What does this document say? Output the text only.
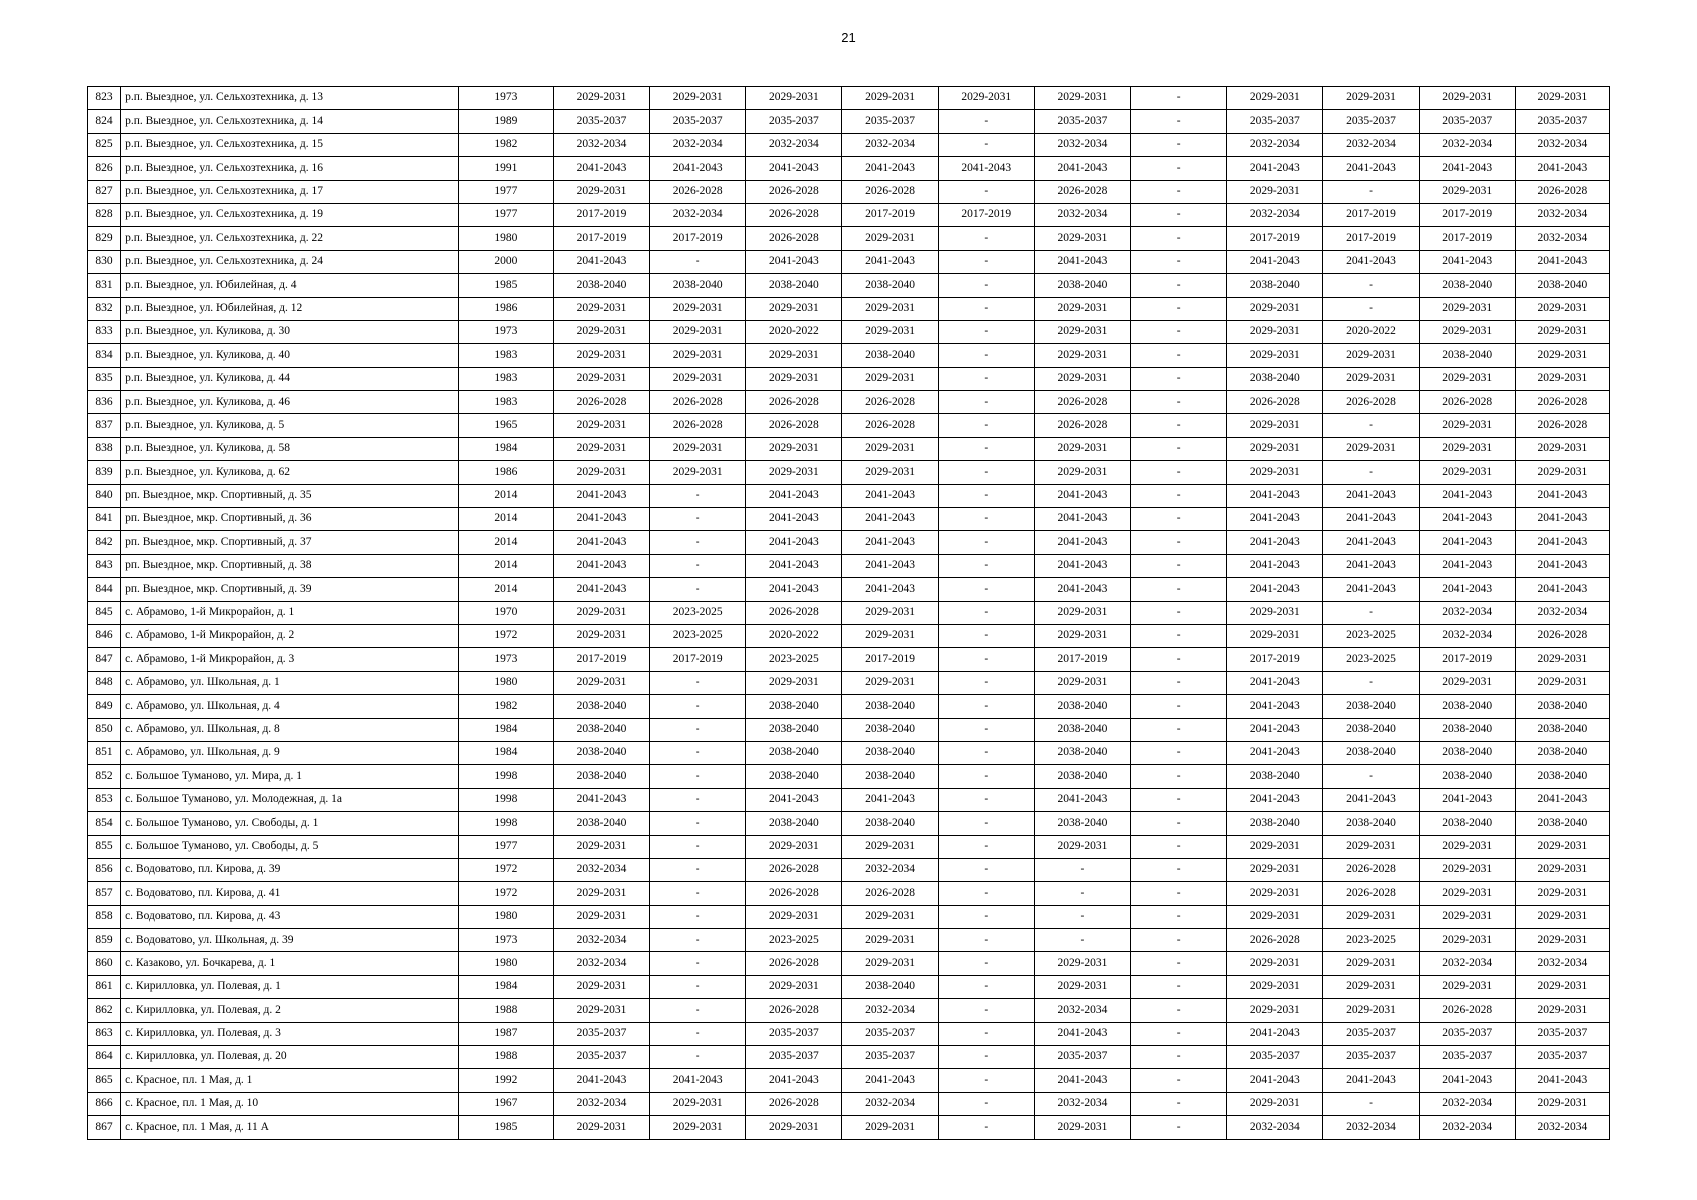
21
823	р.п. Выездное, ул. Сельхозтехника, д. 13	1973	2029-2031	2029-2031	2029-2031	2029-2031	2029-2031	2029-2031	-	2029-2031	2029-2031	2029-2031	2029-2031
824	р.п. Выездное, ул. Сельхозтехника, д. 14	1989	2035-2037	2035-2037	2035-2037	2035-2037	-	2035-2037	-	2035-2037	2035-2037	2035-2037	2035-2037
825	р.п. Выездное, ул. Сельхозтехника, д. 15	1982	2032-2034	2032-2034	2032-2034	2032-2034	-	2032-2034	-	2032-2034	2032-2034	2032-2034	2032-2034
826	р.п. Выездное, ул. Сельхозтехника, д. 16	1991	2041-2043	2041-2043	2041-2043	2041-2043	2041-2043	2041-2043	-	2041-2043	2041-2043	2041-2043	2041-2043
827	р.п. Выездное, ул. Сельхозтехника, д. 17	1977	2029-2031	2026-2028	2026-2028	2026-2028	-	2026-2028	-	2029-2031	-	2029-2031	2026-2028
828	р.п. Выездное, ул. Сельхозтехника, д. 19	1977	2017-2019	2032-2034	2026-2028	2017-2019	2017-2019	2032-2034	-	2032-2034	2017-2019	2017-2019	2032-2034
829	р.п. Выездное, ул. Сельхозтехника, д. 22	1980	2017-2019	2017-2019	2026-2028	2029-2031	-	2029-2031	-	2017-2019	2017-2019	2017-2019	2032-2034
830	р.п. Выездное, ул. Сельхозтехника, д. 24	2000	2041-2043	-	2041-2043	2041-2043	-	2041-2043	-	2041-2043	2041-2043	2041-2043	2041-2043
831	р.п. Выездное, ул. Юбилейная, д. 4	1985	2038-2040	2038-2040	2038-2040	2038-2040	-	2038-2040	-	2038-2040	-	2038-2040	2038-2040
832	р.п. Выездное, ул. Юбилейная, д. 12	1986	2029-2031	2029-2031	2029-2031	2029-2031	-	2029-2031	-	2029-2031	-	2029-2031	2029-2031
833	р.п. Выездное, ул. Куликова, д. 30	1973	2029-2031	2029-2031	2020-2022	2029-2031	-	2029-2031	-	2029-2031	2020-2022	2029-2031	2029-2031
834	р.п. Выездное, ул. Куликова, д. 40	1983	2029-2031	2029-2031	2029-2031	2038-2040	-	2029-2031	-	2029-2031	2029-2031	2038-2040	2029-2031
835	р.п. Выездное, ул. Куликова, д. 44	1983	2029-2031	2029-2031	2029-2031	2029-2031	-	2029-2031	-	2038-2040	2029-2031	2029-2031	2029-2031
836	р.п. Выездное, ул. Куликова, д. 46	1983	2026-2028	2026-2028	2026-2028	2026-2028	-	2026-2028	-	2026-2028	2026-2028	2026-2028	2026-2028
837	р.п. Выездное, ул. Куликова, д. 5	1965	2029-2031	2026-2028	2026-2028	2026-2028	-	2026-2028	-	2029-2031	-	2029-2031	2026-2028
838	р.п. Выездное, ул. Куликова, д. 58	1984	2029-2031	2029-2031	2029-2031	2029-2031	-	2029-2031	-	2029-2031	2029-2031	2029-2031	2029-2031
839	р.п. Выездное, ул. Куликова, д. 62	1986	2029-2031	2029-2031	2029-2031	2029-2031	-	2029-2031	-	2029-2031	-	2029-2031	2029-2031
840	рп. Выездное, мкр. Спортивный, д. 35	2014	2041-2043	-	2041-2043	2041-2043	-	2041-2043	-	2041-2043	2041-2043	2041-2043	2041-2043
841	рп. Выездное, мкр. Спортивный, д. 36	2014	2041-2043	-	2041-2043	2041-2043	-	2041-2043	-	2041-2043	2041-2043	2041-2043	2041-2043
842	рп. Выездное, мкр. Спортивный, д. 37	2014	2041-2043	-	2041-2043	2041-2043	-	2041-2043	-	2041-2043	2041-2043	2041-2043	2041-2043
843	рп. Выездное, мкр. Спортивный, д. 38	2014	2041-2043	-	2041-2043	2041-2043	-	2041-2043	-	2041-2043	2041-2043	2041-2043	2041-2043
844	рп. Выездное, мкр. Спортивный, д. 39	2014	2041-2043	-	2041-2043	2041-2043	-	2041-2043	-	2041-2043	2041-2043	2041-2043	2041-2043
845	с. Абрамово, 1-й Микрорайон, д. 1	1970	2029-2031	2023-2025	2026-2028	2029-2031	-	2029-2031	-	2029-2031	-	2032-2034	2032-2034
846	с. Абрамово, 1-й Микрорайон, д. 2	1972	2029-2031	2023-2025	2020-2022	2029-2031	-	2029-2031	-	2029-2031	2023-2025	2032-2034	2026-2028
847	с. Абрамово, 1-й Микрорайон, д. 3	1973	2017-2019	2017-2019	2023-2025	2017-2019	-	2017-2019	-	2017-2019	2023-2025	2017-2019	2029-2031
848	с. Абрамово, ул. Школьная, д. 1	1980	2029-2031	-	2029-2031	2029-2031	-	2029-2031	-	2041-2043	-	2029-2031	2029-2031
849	с. Абрамово, ул. Школьная, д. 4	1982	2038-2040	-	2038-2040	2038-2040	-	2038-2040	-	2041-2043	2038-2040	2038-2040	2038-2040
850	с. Абрамово, ул. Школьная, д. 8	1984	2038-2040	-	2038-2040	2038-2040	-	2038-2040	-	2041-2043	2038-2040	2038-2040	2038-2040
851	с. Абрамово, ул. Школьная, д. 9	1984	2038-2040	-	2038-2040	2038-2040	-	2038-2040	-	2041-2043	2038-2040	2038-2040	2038-2040
852	с. Большое Туманово, ул. Мира, д. 1	1998	2038-2040	-	2038-2040	2038-2040	-	2038-2040	-	2038-2040	-	2038-2040	2038-2040
853	с. Большое Туманово, ул. Молодежная, д. 1а	1998	2041-2043	-	2041-2043	2041-2043	-	2041-2043	-	2041-2043	2041-2043	2041-2043	2041-2043
854	с. Большое Туманово, ул. Свободы, д. 1	1998	2038-2040	-	2038-2040	2038-2040	-	2038-2040	-	2038-2040	2038-2040	2038-2040	2038-2040
855	с. Большое Туманово, ул. Свободы, д. 5	1977	2029-2031	-	2029-2031	2029-2031	-	2029-2031	-	2029-2031	2029-2031	2029-2031	2029-2031
856	с. Водоватово, пл. Кирова, д. 39	1972	2032-2034	-	2026-2028	2032-2034	-	-	-	2029-2031	2026-2028	2029-2031	2029-2031
857	с. Водоватово, пл. Кирова, д. 41	1972	2029-2031	-	2026-2028	2026-2028	-	-	-	2029-2031	2026-2028	2029-2031	2029-2031
858	с. Водоватово, пл. Кирова, д. 43	1980	2029-2031	-	2029-2031	2029-2031	-	-	-	2029-2031	2029-2031	2029-2031	2029-2031
859	с. Водоватово, ул. Школьная, д. 39	1973	2032-2034	-	2023-2025	2029-2031	-	-	-	2026-2028	2023-2025	2029-2031	2029-2031
860	с. Казаково, ул. Бочкарева, д. 1	1980	2032-2034	-	2026-2028	2029-2031	-	2029-2031	-	2029-2031	2029-2031	2032-2034	2032-2034
861	с. Кирилловка, ул. Полевая, д. 1	1984	2029-2031	-	2029-2031	2038-2040	-	2029-2031	-	2029-2031	2029-2031	2029-2031	2029-2031
862	с. Кирилловка, ул. Полевая, д. 2	1988	2029-2031	-	2026-2028	2032-2034	-	2032-2034	-	2029-2031	2029-2031	2026-2028	2029-2031
863	с. Кирилловка, ул. Полевая, д. 3	1987	2035-2037	-	2035-2037	2035-2037	-	2041-2043	-	2041-2043	2035-2037	2035-2037	2035-2037
864	с. Кирилловка, ул. Полевая, д. 20	1988	2035-2037	-	2035-2037	2035-2037	-	2035-2037	-	2035-2037	2035-2037	2035-2037	2035-2037
865	с. Красное, пл. 1 Мая, д. 1	1992	2041-2043	2041-2043	2041-2043	2041-2043	-	2041-2043	-	2041-2043	2041-2043	2041-2043	2041-2043
866	с. Красное, пл. 1 Мая, д. 10	1967	2032-2034	2029-2031	2026-2028	2032-2034	-	2032-2034	-	2029-2031	-	2032-2034	2029-2031
867	с. Красное, пл. 1 Мая, д. 11 А	1985	2029-2031	2029-2031	2029-2031	2029-2031	-	2029-2031	-	2032-2034	2032-2034	2032-2034	2032-2034
